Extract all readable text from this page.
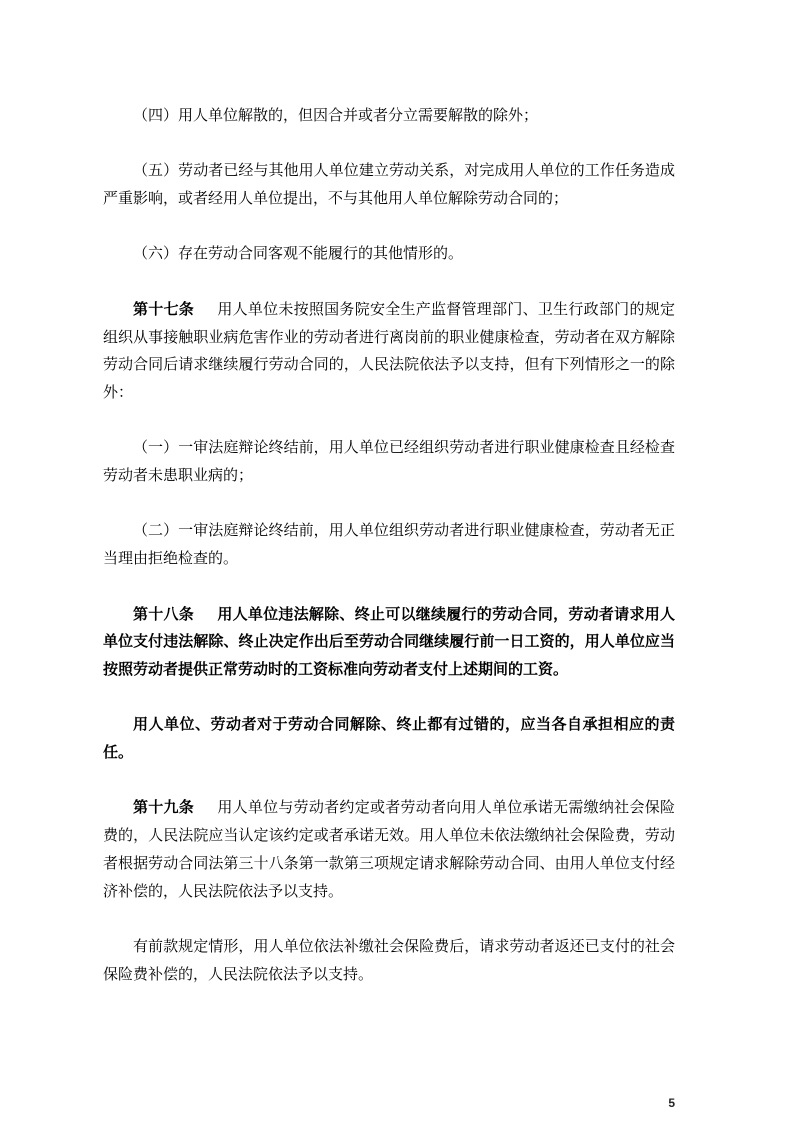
（四）用人单位解散的，但因合并或者分立需要解散的除外；

（五）劳动者已经与其他用人单位建立劳动关系，对完成用人单位的工作任务造成严重影响，或者经用人单位提出，不与其他用人单位解除劳动合同的；

（六）存在劳动合同客观不能履行的其他情形的。

第十七条 用人单位未按照国务院安全生产监督管理部门、卫生行政部门的规定组织从事接触职业病危害作业的劳动者进行离岗前的职业健康检查，劳动者在双方解除劳动合同后请求继续履行劳动合同的，人民法院依法予以支持，但有下列情形之一的除外：

（一）一审法庭辩论终结前，用人单位已经组织劳动者进行职业健康检查且经检查劳动者未患职业病的；

（二）一审法庭辩论终结前，用人单位组织劳动者进行职业健康检查，劳动者无正当理由拒绝检查的。

第十八条 用人单位违法解除、终止可以继续履行的劳动合同，劳动者请求用人单位支付违法解除、终止决定作出后至劳动合同继续履行前一日工资的，用人单位应当按照劳动者提供正常劳动时的工资标准向劳动者支付上述期间的工资。

用人单位、劳动者对于劳动合同解除、终止都有过错的，应当各自承担相应的责任。

第十九条 用人单位与劳动者约定或者劳动者向用人单位承诺无需缴纳社会保险费的，人民法院应当认定该约定或者承诺无效。用人单位未依法缴纳社会保险费，劳动者根据劳动合同法第三十八条第一款第三项规定请求解除劳动合同、由用人单位支付经济补偿的，人民法院依法予以支持。

有前款规定情形，用人单位依法补缴社会保险费后，请求劳动者返还已支付的社会保险费补偿的，人民法院依法予以支持。

5
